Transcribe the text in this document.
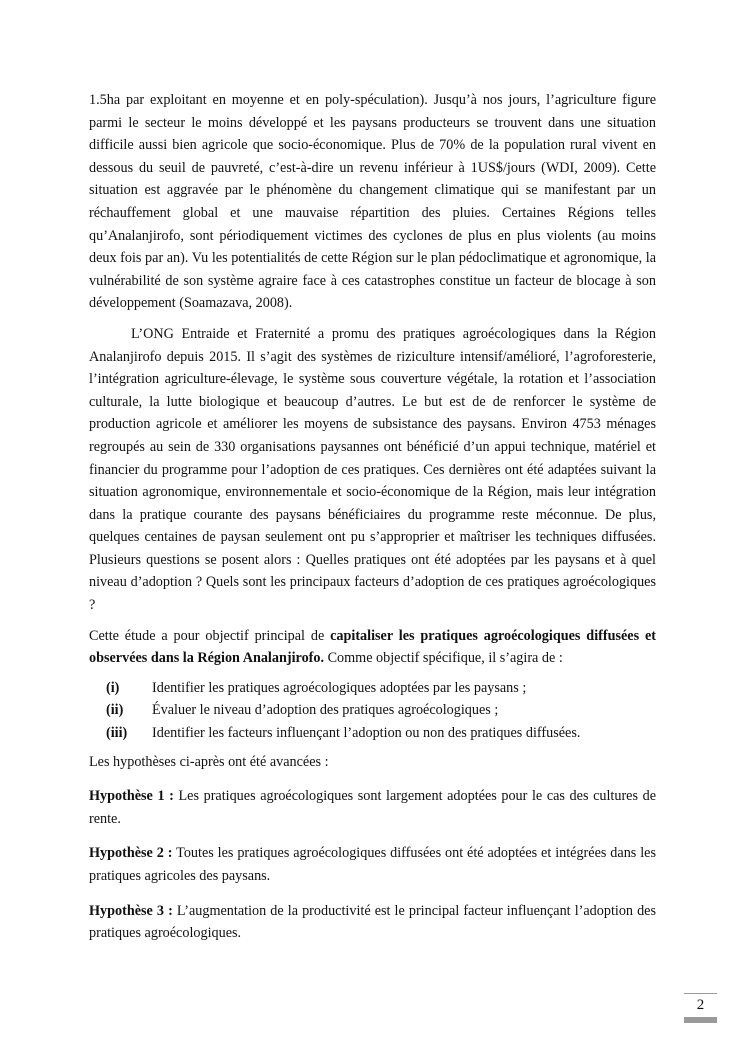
1.5ha par exploitant en moyenne et en poly-spéculation). Jusqu’à nos jours, l’agriculture figure parmi le secteur le moins développé et les paysans producteurs se trouvent dans une situation difficile aussi bien agricole que socio-économique. Plus de 70% de la population rural vivent en dessous du seuil de pauvreté, c’est-à-dire un revenu inférieur à 1US$/jours (WDI, 2009). Cette situation est aggravée par le phénomène du changement climatique qui se manifestant par un réchauffement global et une mauvaise répartition des pluies. Certaines Régions telles qu’Analanjirofo, sont périodiquement victimes des cyclones de plus en plus violents (au moins deux fois par an). Vu les potentialités de cette Région sur le plan pédoclimatique et agronomique, la vulnérabilité de son système agraire face à ces catastrophes constitue un facteur de blocage à son développement (Soamazava, 2008).

L’ONG Entraide et Fraternité a promu des pratiques agroécologiques dans la Région Analanjirofo depuis 2015. Il s’agit des systèmes de riziculture intensif/amélioré, l’agroforesterie, l’intégration agriculture-élevage, le système sous couverture végétale, la rotation et l’association culturale, la lutte biologique et beaucoup d’autres. Le but est de de renforcer le système de production agricole et améliorer les moyens de subsistance des paysans. Environ 4753 ménages regroupés au sein de 330 organisations paysannes ont bénéficié d’un appui technique, matériel et financier du programme pour l’adoption de ces pratiques. Ces dernières ont été adaptées suivant la situation agronomique, environnementale et socio-économique de la Région, mais leur intégration dans la pratique courante des paysans bénéficiaires du programme reste méconnue. De plus, quelques centaines de paysan seulement ont pu s’approprier et maîtriser les techniques diffusées. Plusieurs questions se posent alors : Quelles pratiques ont été adoptées par les paysans et à quel niveau d’adoption ? Quels sont les principaux facteurs d’adoption de ces pratiques agroécologiques ?

Cette étude a pour objectif principal de capitaliser les pratiques agroécologiques diffusées et observées dans la Région Analanjirofo. Comme objectif spécifique, il s’agira de :

(i)	Identifier les pratiques agroécologiques adoptées par les paysans ;
(ii)	Évaluer le niveau d’adoption des pratiques agroécologiques ;
(iii)	Identifier les facteurs influençant l’adoption ou non des pratiques diffusées.

Les hypothèses ci-après ont été avancées :

Hypothèse 1 : Les pratiques agroécologiques sont largement adoptées pour le cas des cultures de rente.

Hypothèse 2 : Toutes les pratiques agroécologiques diffusées ont été adoptées et intégrées dans les pratiques agricoles des paysans.

Hypothèse 3 : L’augmentation de la productivité est le principal facteur influençant l’adoption des pratiques agroécologiques.

2
